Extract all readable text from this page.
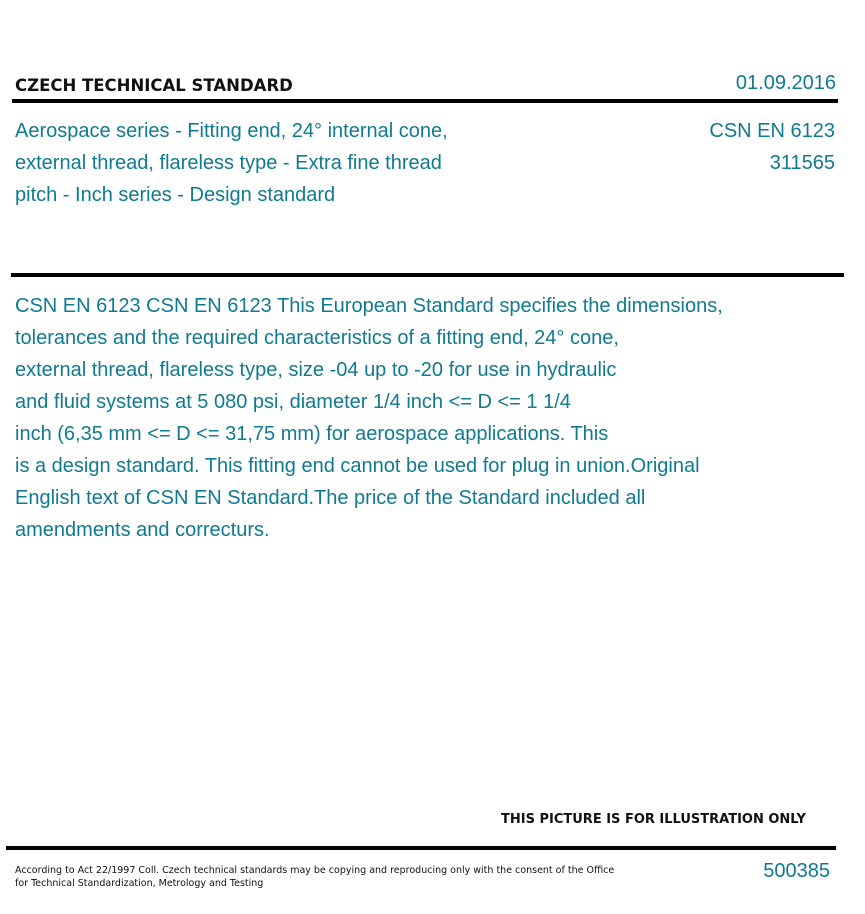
CZECH TECHNICAL STANDARD	01.09.2016
Aerospace series - Fitting end, 24° internal cone,
external thread, flareless type - Extra fine thread
pitch - Inch series - Design standard
CSN EN 6123
311565
CSN EN 6123 CSN EN 6123 This European Standard specifies the dimensions,
tolerances and the required characteristics of a fitting end, 24° cone,
external thread, flareless type, size -04 up to -20 for use in hydraulic
and fluid systems at 5 080 psi, diameter 1/4 inch <= D <= 1 1/4
inch (6,35 mm <= D <= 31,75 mm) for aerospace applications. This
is a design standard. This fitting end cannot be used for plug in union.Original
English text of CSN EN Standard.The price of the Standard included all
amendments and correcturs.
THIS PICTURE IS FOR ILLUSTRATION ONLY
According to Act 22/1997 Coll. Czech technical standards may be copying and reproducing only with the consent of the Office
for Technical Standardization, Metrology and Testing
500385
